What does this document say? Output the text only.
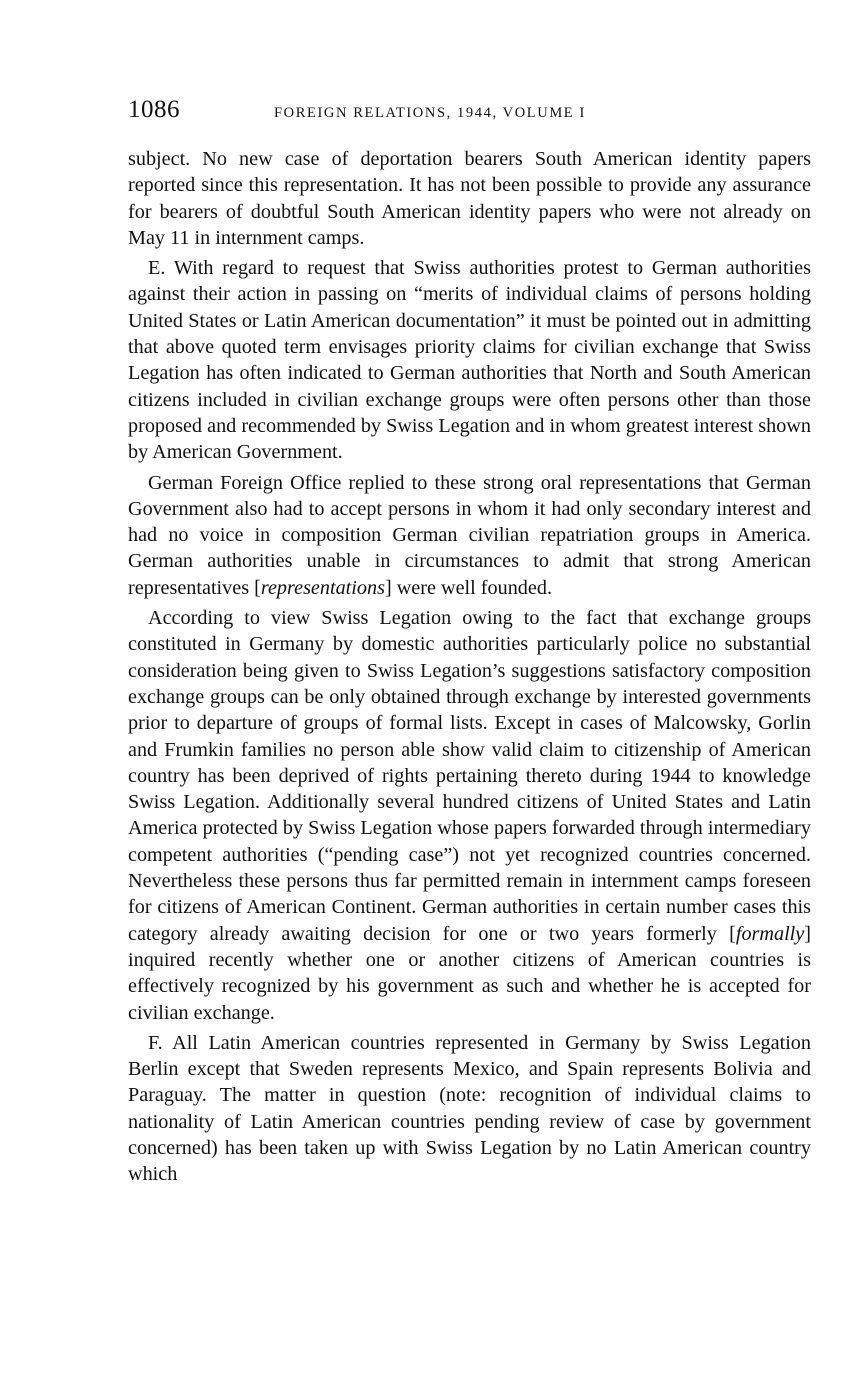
1086	FOREIGN RELATIONS, 1944, VOLUME I

subject. No new case of deportation bearers South American identity papers reported since this representation. It has not been possible to provide any assurance for bearers of doubtful South American identity papers who were not already on May 11 in internment camps.

E. With regard to request that Swiss authorities protest to German authorities against their action in passing on “merits of individual claims of persons holding United States or Latin American documentation” it must be pointed out in admitting that above quoted term envisages priority claims for civilian exchange that Swiss Legation has often indicated to German authorities that North and South American citizens included in civilian exchange groups were often persons other than those proposed and recommended by Swiss Legation and in whom greatest interest shown by American Government.

German Foreign Office replied to these strong oral representations that German Government also had to accept persons in whom it had only secondary interest and had no voice in composition German civilian repatriation groups in America. German authorities unable in circumstances to admit that strong American representatives [representations] were well founded.

According to view Swiss Legation owing to the fact that exchange groups constituted in Germany by domestic authorities particularly police no substantial consideration being given to Swiss Legation’s suggestions satisfactory composition exchange groups can be only obtained through exchange by interested governments prior to departure of groups of formal lists. Except in cases of Malcowsky, Gorlin and Frumkin families no person able show valid claim to citizenship of American country has been deprived of rights pertaining thereto during 1944 to knowledge Swiss Legation. Additionally several hundred citizens of United States and Latin America protected by Swiss Legation whose papers forwarded through intermediary competent authorities (“pending case”) not yet recognized countries concerned. Nevertheless these persons thus far permitted remain in internment camps foreseen for citizens of American Continent. German authorities in certain number cases this category already awaiting decision for one or two years formerly [formally] inquired recently whether one or another citizens of American countries is effectively recognized by his government as such and whether he is accepted for civilian exchange.

F. All Latin American countries represented in Germany by Swiss Legation Berlin except that Sweden represents Mexico, and Spain represents Bolivia and Paraguay. The matter in question (note: recognition of individual claims to nationality of Latin American countries pending review of case by government concerned) has been taken up with Swiss Legation by no Latin American country which
